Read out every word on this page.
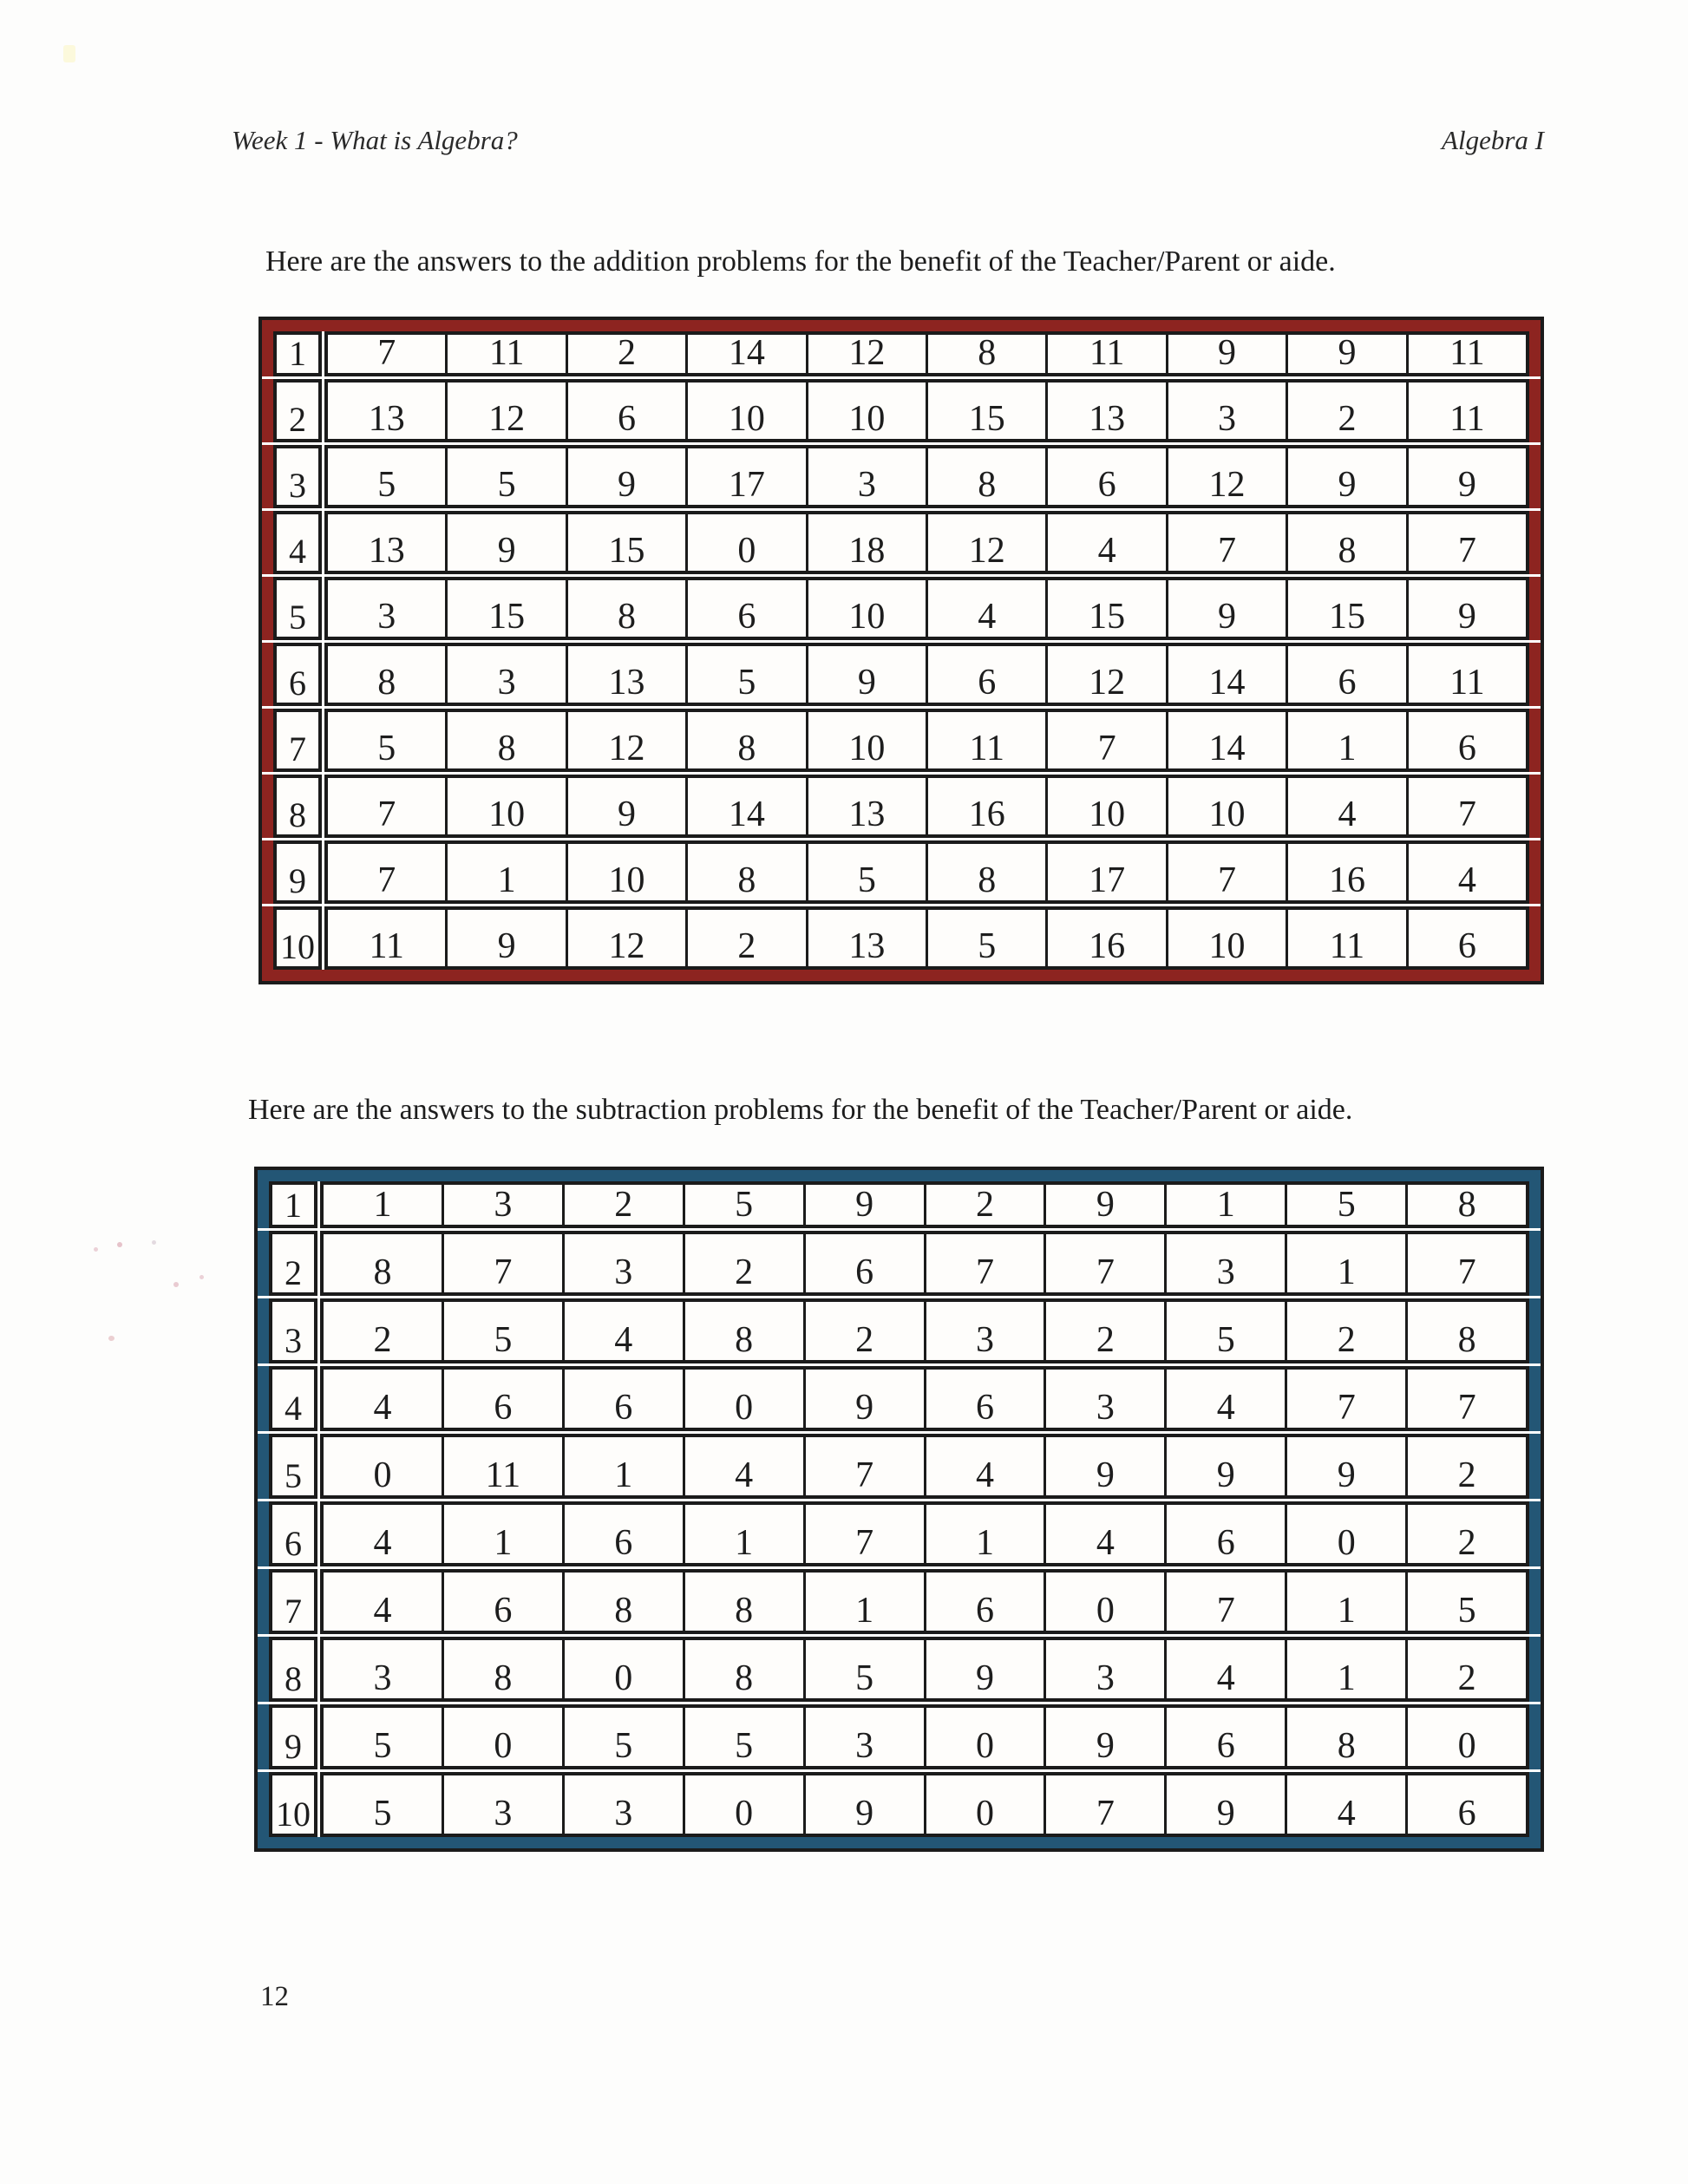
Week 1 - What is Algebra?	Algebra I
Here are the answers to the addition problems for the benefit of the Teacher/Parent or aide.
1	7	11	2	14	12	8	11	9	9	11
2	13	12	6	10	10	15	13	3	2	11
3	5	5	9	17	3	8	6	12	9	9
4	13	9	15	0	18	12	4	7	8	7
5	3	15	8	6	10	4	15	9	15	9
6	8	3	13	5	9	6	12	14	6	11
7	5	8	12	8	10	11	7	14	1	6
8	7	10	9	14	13	16	10	10	4	7
9	7	1	10	8	5	8	17	7	16	4
10	11	9	12	2	13	5	16	10	11	6
Here are the answers to the subtraction problems for the benefit of the Teacher/Parent or aide.
1	1	3	2	5	9	2	9	1	5	8
2	8	7	3	2	6	7	7	3	1	7
3	2	5	4	8	2	3	2	5	2	8
4	4	6	6	0	9	6	3	4	7	7
5	0	11	1	4	7	4	9	9	9	2
6	4	1	6	1	7	1	4	6	0	2
7	4	6	8	8	1	6	0	7	1	5
8	3	8	0	8	5	9	3	4	1	2
9	5	0	5	5	3	0	9	6	8	0
10	5	3	3	0	9	0	7	9	4	6
12
